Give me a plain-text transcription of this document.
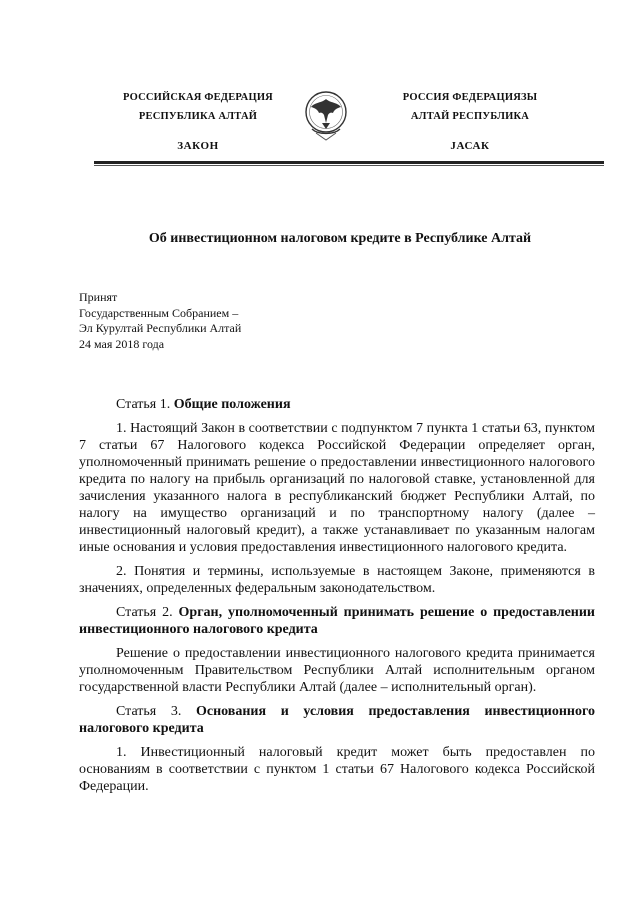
РОССИЙСКАЯ ФЕДЕРАЦИЯ
РЕСПУБЛИКА АЛТАЙ
ЗАКОН
РОССИЯ ФЕДЕРАЦИЯЗЫ
АЛТАЙ РЕСПУБЛИКА
JАСАК
Об инвестиционном налоговом кредите в Республике Алтай
Принят
Государственным Собранием –
Эл Курултай Республики Алтай
24 мая 2018 года

Статья 1. Общие положения

1. Настоящий Закон в соответствии с подпунктом 7 пункта 1 статьи 63, пунктом 7 статьи 67 Налогового кодекса Российской Федерации определяет орган, уполномоченный принимать решение о предоставлении инвестиционного налогового кредита по налогу на прибыль организаций по налоговой ставке, установленной для зачисления указанного налога в республиканский бюджет Республики Алтай, по налогу на имущество организаций и по транспортному налогу (далее – инвестиционный налоговый кредит), а также устанавливает по указанным налогам иные основания и условия предоставления инвестиционного налогового кредита.

2. Понятия и термины, используемые в настоящем Законе, применяются в значениях, определенных федеральным законодательством.

Статья 2. Орган, уполномоченный принимать решение о предоставлении инвестиционного налогового кредита

Решение о предоставлении инвестиционного налогового кредита принимается уполномоченным Правительством Республики Алтай исполнительным органом государственной власти Республики Алтай (далее – исполнительный орган).

Статья 3. Основания и условия предоставления инвестиционного налогового кредита

1. Инвестиционный налоговый кредит может быть предоставлен по основаниям в соответствии с пунктом 1 статьи 67 Налогового кодекса Российской Федерации.
